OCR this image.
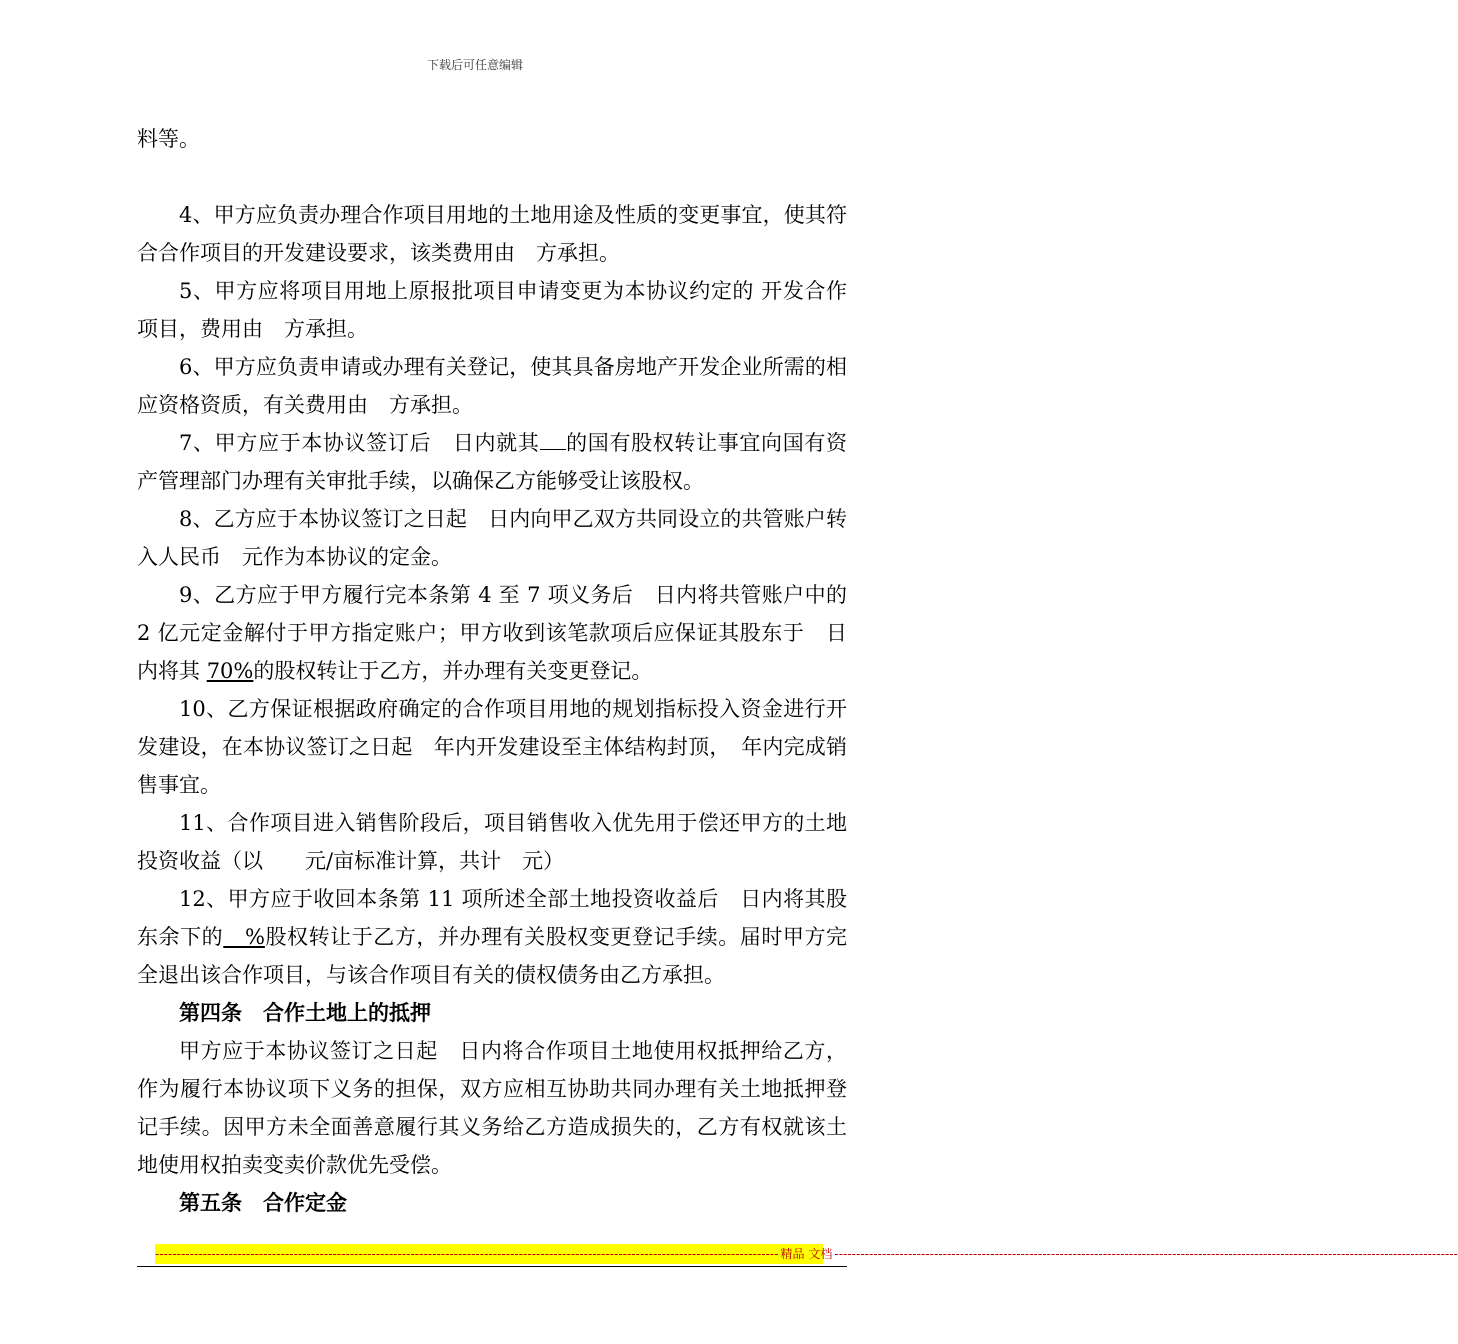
下载后可任意编辑

料等。

4、甲方应负责办理合作项目用地的土地用途及性质的变更事宜，使其符合合作项目的开发建设要求，该类费用由　方承担。

5、甲方应将项目用地上原报批项目申请变更为本协议约定的 开发合作项目，费用由　方承担。

6、甲方应负责申请或办理有关登记，使其具备房地产开发企业所需的相应资格资质，有关费用由　方承担。

7、甲方应于本协议签订后　日内就其 的国有股权转让事宜向国有资产管理部门办理有关审批手续，以确保乙方能够受让该股权。

8、乙方应于本协议签订之日起　日内向甲乙双方共同设立的共管账户转入人民币　元作为本协议的定金。

9、乙方应于甲方履行完本条第 4 至 7 项义务后　日内将共管账户中的 2 亿元定金解付于甲方指定账户；甲方收到该笔款项后应保证其股东于　日内将其 70%的股权转让于乙方，并办理有关变更登记。

10、乙方保证根据政府确定的合作项目用地的规划指标投入资金进行开发建设，在本协议签订之日起　年内开发建设至主体结构封顶，　年内完成销售事宜。

11、合作项目进入销售阶段后，项目销售收入优先用于偿还甲方的土地投资收益（以　　元/亩标准计算，共计　元）

12、甲方应于收回本条第 11 项所述全部土地投资收益后　日内将其股东余下的 %股权转让于乙方，并办理有关股权变更登记手续。届时甲方完全退出该合作项目，与该合作项目有关的债权债务由乙方承担。

第四条　合作土地上的抵押

甲方应于本协议签订之日起　日内将合作项目土地使用权抵押给乙方，作为履行本协议项下义务的担保，双方应相互协助共同办理有关土地抵押登记手续。因甲方未全面善意履行其义务给乙方造成损失的，乙方有权就该土地使用权拍卖变卖价款优先受偿。

第五条　合作定金

------------------------------------------------------------------------------------------------------------------------------------------------ 精品 文档 ------------------------------------------------------------------------------------------------------------------------------------------------
